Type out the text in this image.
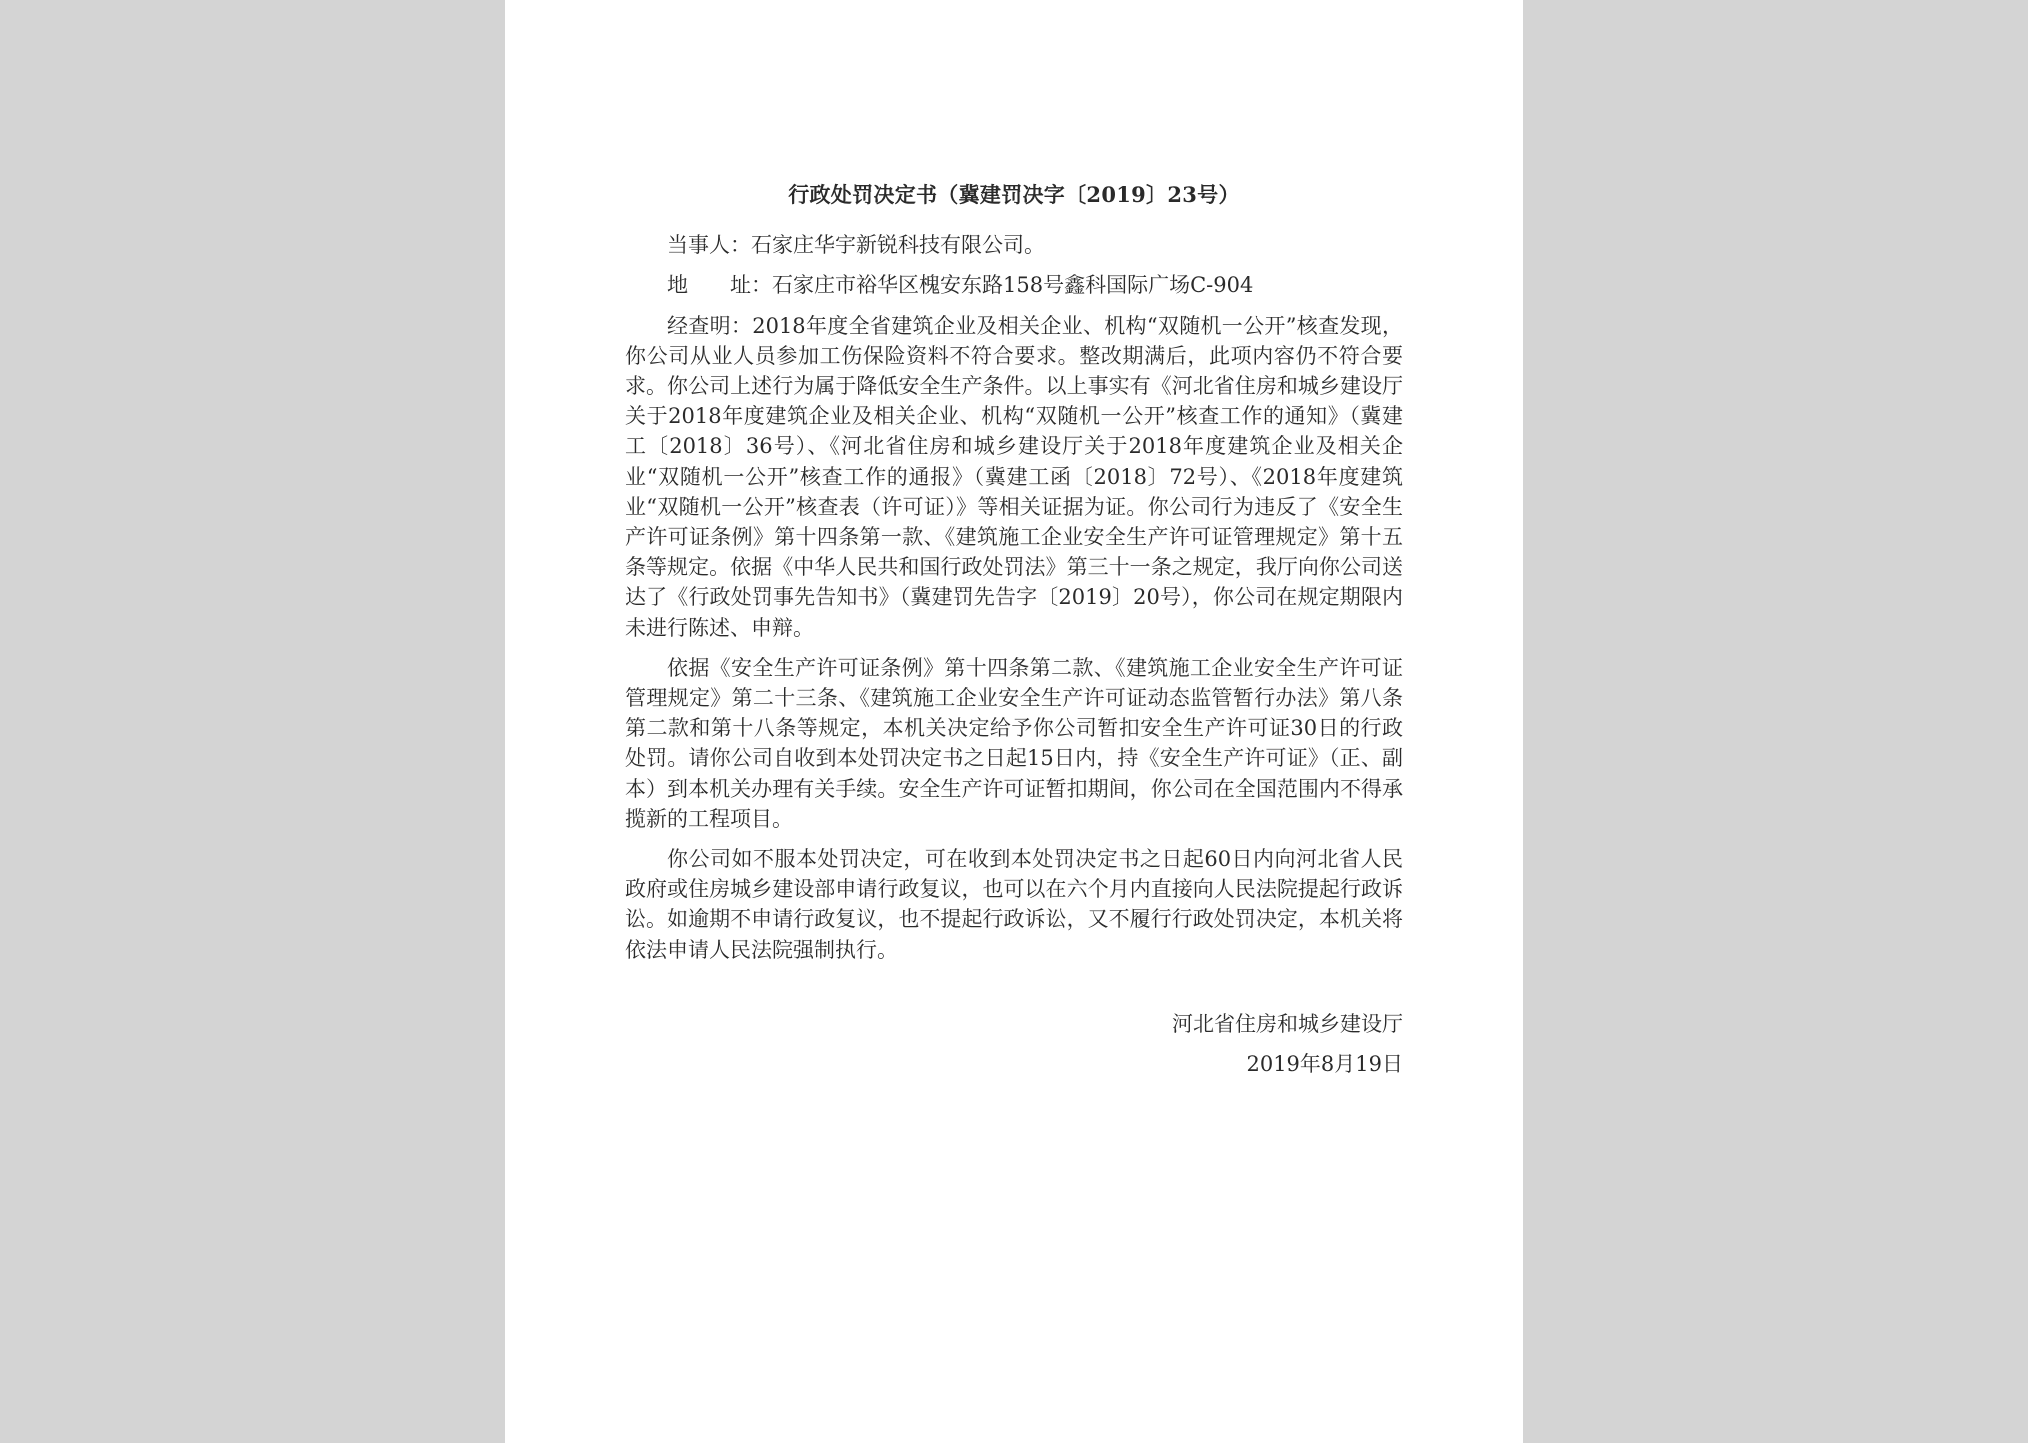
行政处罚决定书（冀建罚决字〔2019〕23号）
当事人：石家庄华宇新锐科技有限公司。
地　　址：石家庄市裕华区槐安东路158号鑫科国际广场C-904
经查明：2018年度全省建筑企业及相关企业、机构“双随机一公开”核查发现，你公司从业人员参加工伤保险资料不符合要求。整改期满后，此项内容仍不符合要求。你公司上述行为属于降低安全生产条件。以上事实有《河北省住房和城乡建设厅关于2018年度建筑企业及相关企业、机构“双随机一公开”核查工作的通知》（冀建工〔2018〕36号）、《河北省住房和城乡建设厅关于2018年度建筑企业及相关企业“双随机一公开”核查工作的通报》（冀建工函〔2018〕72号）、《2018年度建筑业“双随机一公开”核查表（许可证）》等相关证据为证。你公司行为违反了《安全生产许可证条例》第十四条第一款、《建筑施工企业安全生产许可证管理规定》第十五条等规定。依据《中华人民共和国行政处罚法》第三十一条之规定，我厅向你公司送达了《行政处罚事先告知书》（冀建罚先告字〔2019〕20号），你公司在规定期限内未进行陈述、申辩。
依据《安全生产许可证条例》第十四条第二款、《建筑施工企业安全生产许可证管理规定》第二十三条、《建筑施工企业安全生产许可证动态监管暂行办法》第八条第二款和第十八条等规定，本机关决定给予你公司暂扣安全生产许可证30日的行政处罚。请你公司自收到本处罚决定书之日起15日内，持《安全生产许可证》（正、副本）到本机关办理有关手续。安全生产许可证暂扣期间，你公司在全国范围内不得承揽新的工程项目。
你公司如不服本处罚决定，可在收到本处罚决定书之日起60日内向河北省人民政府或住房城乡建设部申请行政复议，也可以在六个月内直接向人民法院提起行政诉讼。如逾期不申请行政复议，也不提起行政诉讼，又不履行行政处罚决定，本机关将依法申请人民法院强制执行。
河北省住房和城乡建设厅
2019年8月19日
